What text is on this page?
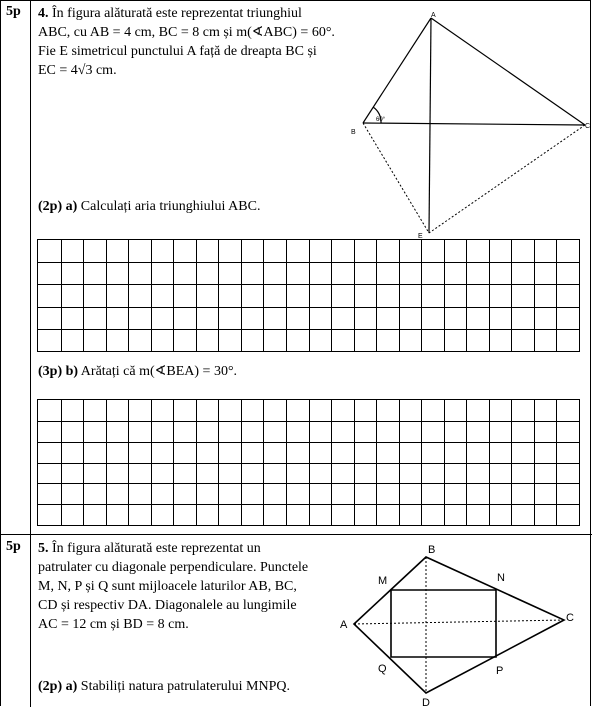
5p 4. În figura alăturată este reprezentat triunghiul
ABC, cu AB = 4 cm, BC = 8 cm și m(∢ABC) = 60°.
Fie E simetricul punctului A față de dreapta BC și
EC = 4√3 cm.
A
B
C
E
60°
(2p) a) Calculați aria triunghiului ABC.
(3p) b) Arătați că m(∢BEA) = 30°.
5p 5. În figura alăturată este reprezentat un
patrulater cu diagonale perpendiculare. Punctele
M, N, P și Q sunt mijloacele laturilor AB, BC,
CD și respectiv DA. Diagonalele au lungimile
AC = 12 cm și BD = 8 cm.
(2p) a) Stabiliți natura patrulaterului MNPQ.
A
B
C
D
M	N
P
Q
